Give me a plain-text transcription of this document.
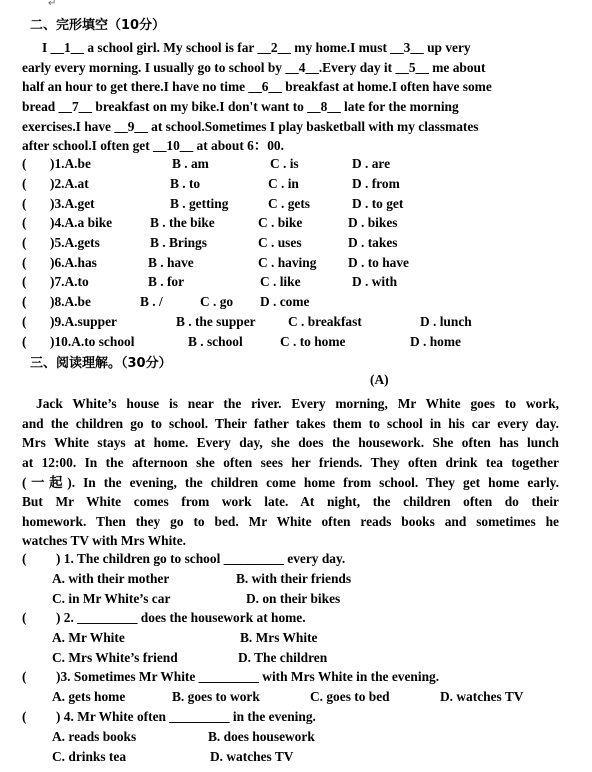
↵
二、完形填空（10分）
I __1__ a school girl. My school is far __2__ my home.I must __3__ up very
early every morning. I usually go to school by __4__.Every day it __5__ me about
half an hour to get there.I have no time __6__ breakfast at home.I often have some
bread __7__ breakfast on my bike.I don't want to __8__ late for the morning
exercises.I have __9__ at school.Sometimes I play basketball with my classmates
after school.I often get __10__ at about 6：00.
( )1.A.be	B . am	C . is	D . are
( )2.A.at	B . to	C . in	D . from
( )3.A.get	B . getting	C . gets	D . to get
( )4.A.a bike	B . the bike	C . bike	D . bikes
( )5.A.gets	B . Brings	C . uses	D . takes
( )6.A.has	B . have	C . having D . to have
( )7.A.to	B . for	C . like	D . with
( )8.A.be	B . /	C . go D . come
( )9.A.supper	B . the supper C . breakfast	D . lunch
( )10.A.to school	B . school	C . to home	D . home
三、阅读理解。（30分）
(A)
Jack White’s house is near the river. Every morning, Mr White goes to work,
and the children go to school. Their father takes them to school in his car every day.
Mrs White stays at home. Every day, she does the housework. She often has lunch
at 12:00. In the afternoon she often sees her friends. They often drink tea together
(一起). In the evening, the children come home from school. They get home early.
But Mr White comes from work late. At night, the children often do their
homework. Then they go to bed. Mr White often reads books and sometimes he
watches TV with Mrs White.
( ) 1. The children go to school _________ every day.
A. with their mother	B. with their friends
C. in Mr White’s car	D. on their bikes
( ) 2. _________ does the housework at home.
A. Mr White	B. Mrs White
C. Mrs White’s friend	D. The children
( )3. Sometimes Mr White _________ with Mrs White in the evening.
A. gets home	B. goes to work	C. goes to bed	D. watches TV
( ) 4. Mr White often _________ in the evening.
A. reads books	B. does housework
C. drinks tea	D. watches TV
